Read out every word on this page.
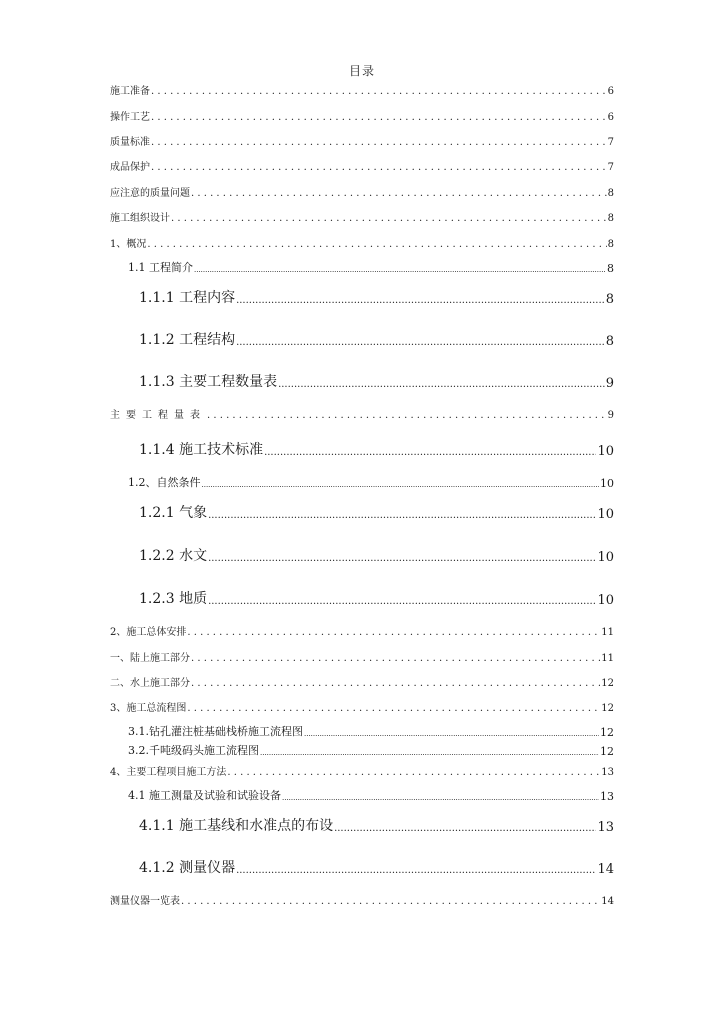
目录
施工准备 . . .	6
操作工艺 . . .	6
质量标准 . . .	7
成品保护 . . .	7
应注意的质量问题 . . .	8
施工组织设计 . . .	8
1、概况 . . .	8
1.1 工程简介 .....	8
1.1.1 工程内容 .....	8
1.1.2 工程结构 .....	8
1.1.3 主要工程数量表 .....	9
主要工程量表 . . .	9
1.1.4 施工技术标准 .....	10
1.2、自然条件 .....	10
1.2.1 气象 .....	10
1.2.2 水文 .....	10
1.2.3 地质 .....	10
2、施工总体安排 . . .	11
一、陆上施工部分 . . .	11
二、水上施工部分 . . .	12
3、施工总流程图 . . .	12
3.1.钻孔灌注桩基础栈桥施工流程图 .....	12
3.2.千吨级码头施工流程图 .....	12
4、主要工程项目施工方法 . . .	13
4.1 施工测量及试验和试验设备 .....	13
4.1.1 施工基线和水准点的布设 .....	13
4.1.2 测量仪器 .....	14
测量仪器一览表 . . .	14
